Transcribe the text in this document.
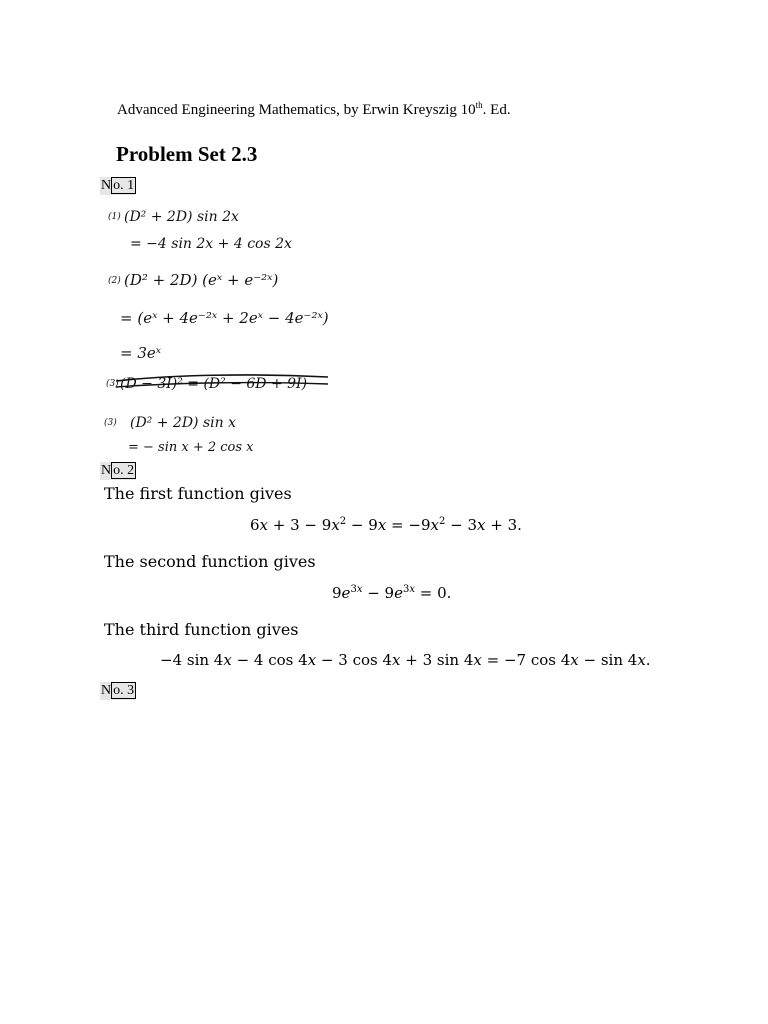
Advanced Engineering Mathematics, by Erwin Kreyszig 10th. Ed.
Problem Set 2.3
N o. 1
(1) (D² + 2D) sin 2x
= −4 sin 2x + 4 cos 2x
(2) (D² + 2D) (eˣ + e⁻²ˣ)
= (eˣ + 4e⁻²ˣ + 2eˣ − 4e⁻²ˣ)
= 3eˣ
(3) (D − 3I)² = (D² − 6D + 9I)
(3) (D² + 2D) sin x
= − sin x + 2 cos x
N o. 2
The first function gives
$6x + 3 - 9x^2 - 9x = -9x^2 - 3x + 3$.
The second function gives
$9e^{3x} - 9e^{3x} = 0$.
The third function gives
−4 sin 4x − 4 cos 4x − 3 cos 4x + 3 sin 4x = −7 cos 4x − sin 4x.
N o. 3
